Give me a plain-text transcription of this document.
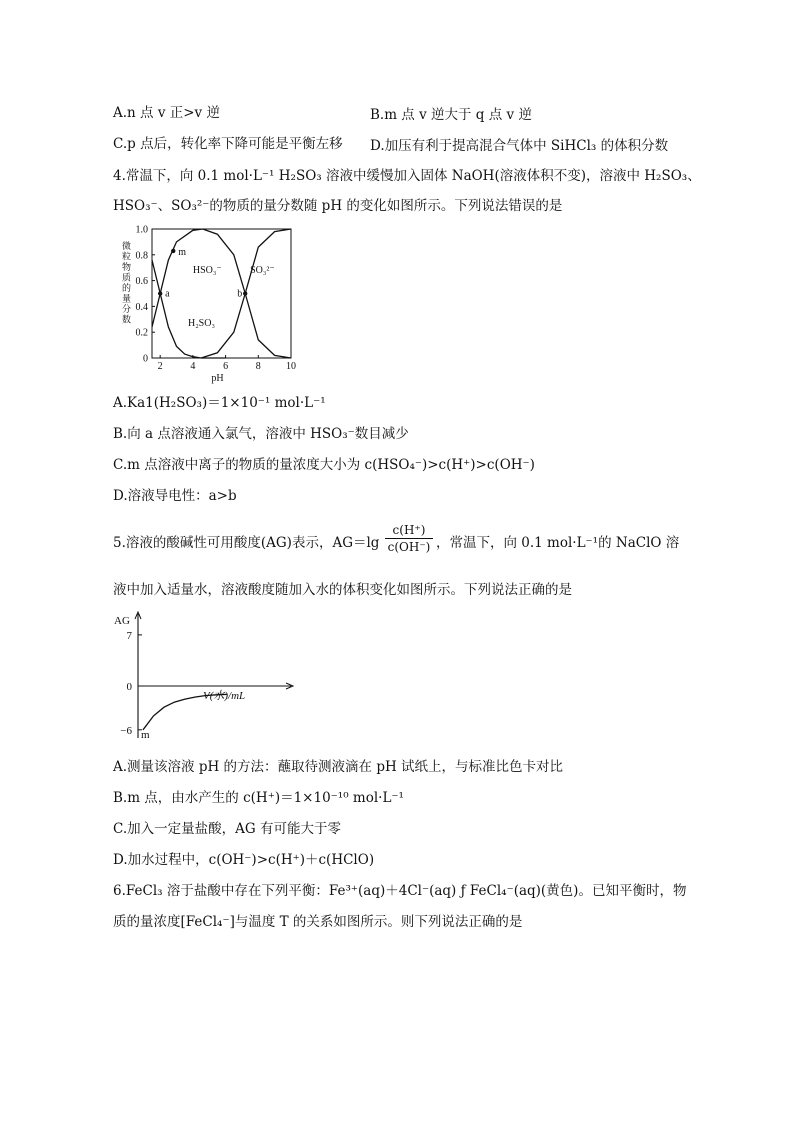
A.n 点 v 正>v 逆	B.m 点 v 逆大于 q 点 v 逆
C.p 点后，转化率下降可能是平衡左移 D.加压有利于提高混合气体中 SiHCl₃ 的体积分数
4.常温下，向 0.1 mol·L⁻¹ H₂SO₃ 溶液中缓慢加入固体 NaOH(溶液体积不变)，溶液中 H₂SO₃、
HSO₃⁻、SO₃²⁻的物质的量分数随 pH 的变化如图所示。下列说法错误的是
0
0.2
0.4
0.6
0.8
1.0
2	4	6	8	10
pH
微粒物质的量分数	H₂SO₃
HSO₃⁻	SO₃²⁻
a
m
b
A.Ka1(H₂SO₃)＝1×10⁻¹ mol·L⁻¹
B.向 a 点溶液通入氯气，溶液中 HSO₃⁻数目减少
C.m 点溶液中离子的物质的量浓度大小为 c(HSO₄⁻)>c(H⁺)>c(OH⁻)
D.溶液导电性：a>b
5.溶液的酸碱性可用酸度(AG)表示，AG＝lg
c(H⁺)
c(OH⁻) ，常温下，向 0.1 mol·L⁻¹的 NaClO 溶
液中加入适量水，溶液酸度随加入水的体积变化如图所示。下列说法正确的是
AG
V(水)/mL
7
0
−6 m
A.测量该溶液 pH 的方法：蘸取待测液滴在 pH 试纸上，与标准比色卡对比
B.m 点，由水产生的 c(H⁺)＝1×10⁻¹⁰ mol·L⁻¹
C.加入一定量盐酸，AG 有可能大于零
D.加水过程中，c(OH⁻)>c(H⁺)＋c(HClO)
6.FeCl₃ 溶于盐酸中存在下列平衡：Fe³⁺(aq)＋4Cl⁻(aq) ƒ FeCl₄⁻(aq)(黄色)。已知平衡时，物
质的量浓度[FeCl₄⁻]与温度 T 的关系如图所示。则下列说法正确的是
